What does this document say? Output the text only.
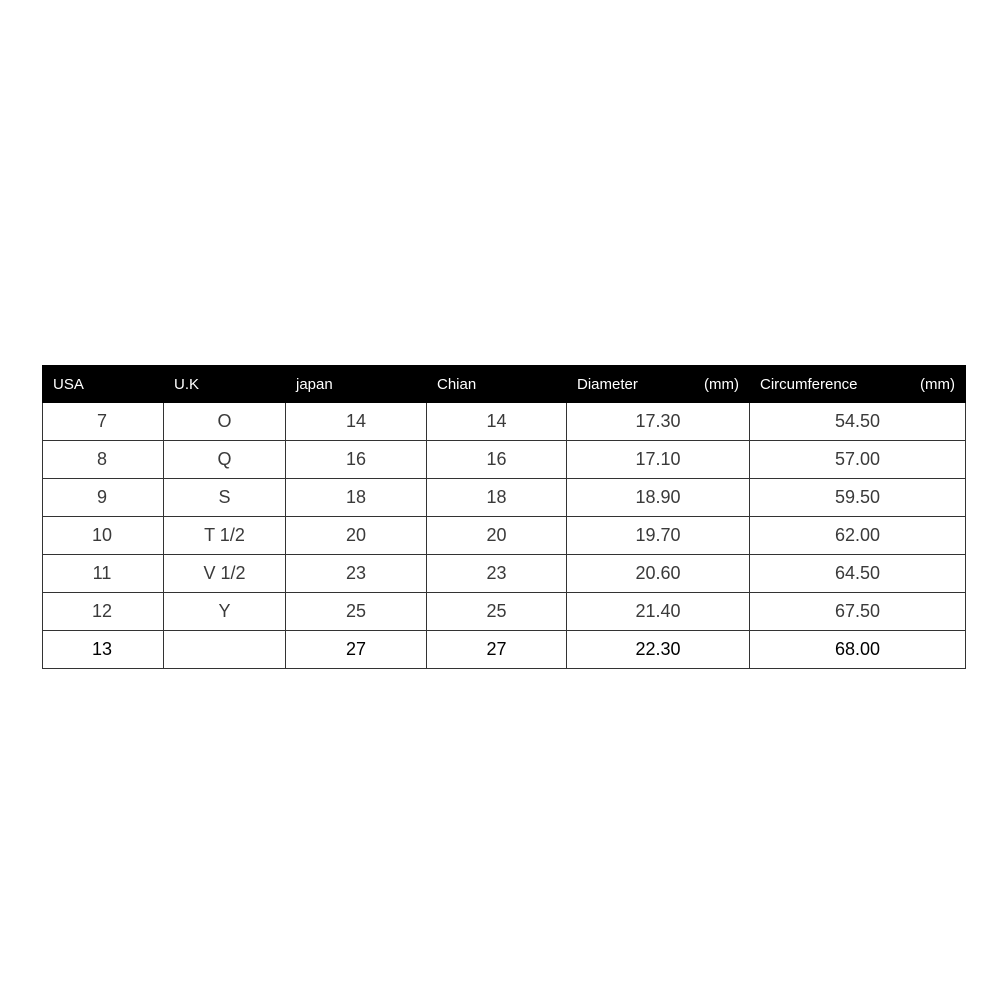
USA	U.K	japan	Chian	Diameter (mm)	Circumference (mm)

7	O	14	14	17.30	54.50
8	Q	16	16	17.10	57.00
9	S	18	18	18.90	59.50
10	T 1/2	20	20	19.70	62.00
11	V 1/2	23	23	20.60	64.50
12	Y	25	25	21.40	67.50
13		27	27	22.30	68.00
